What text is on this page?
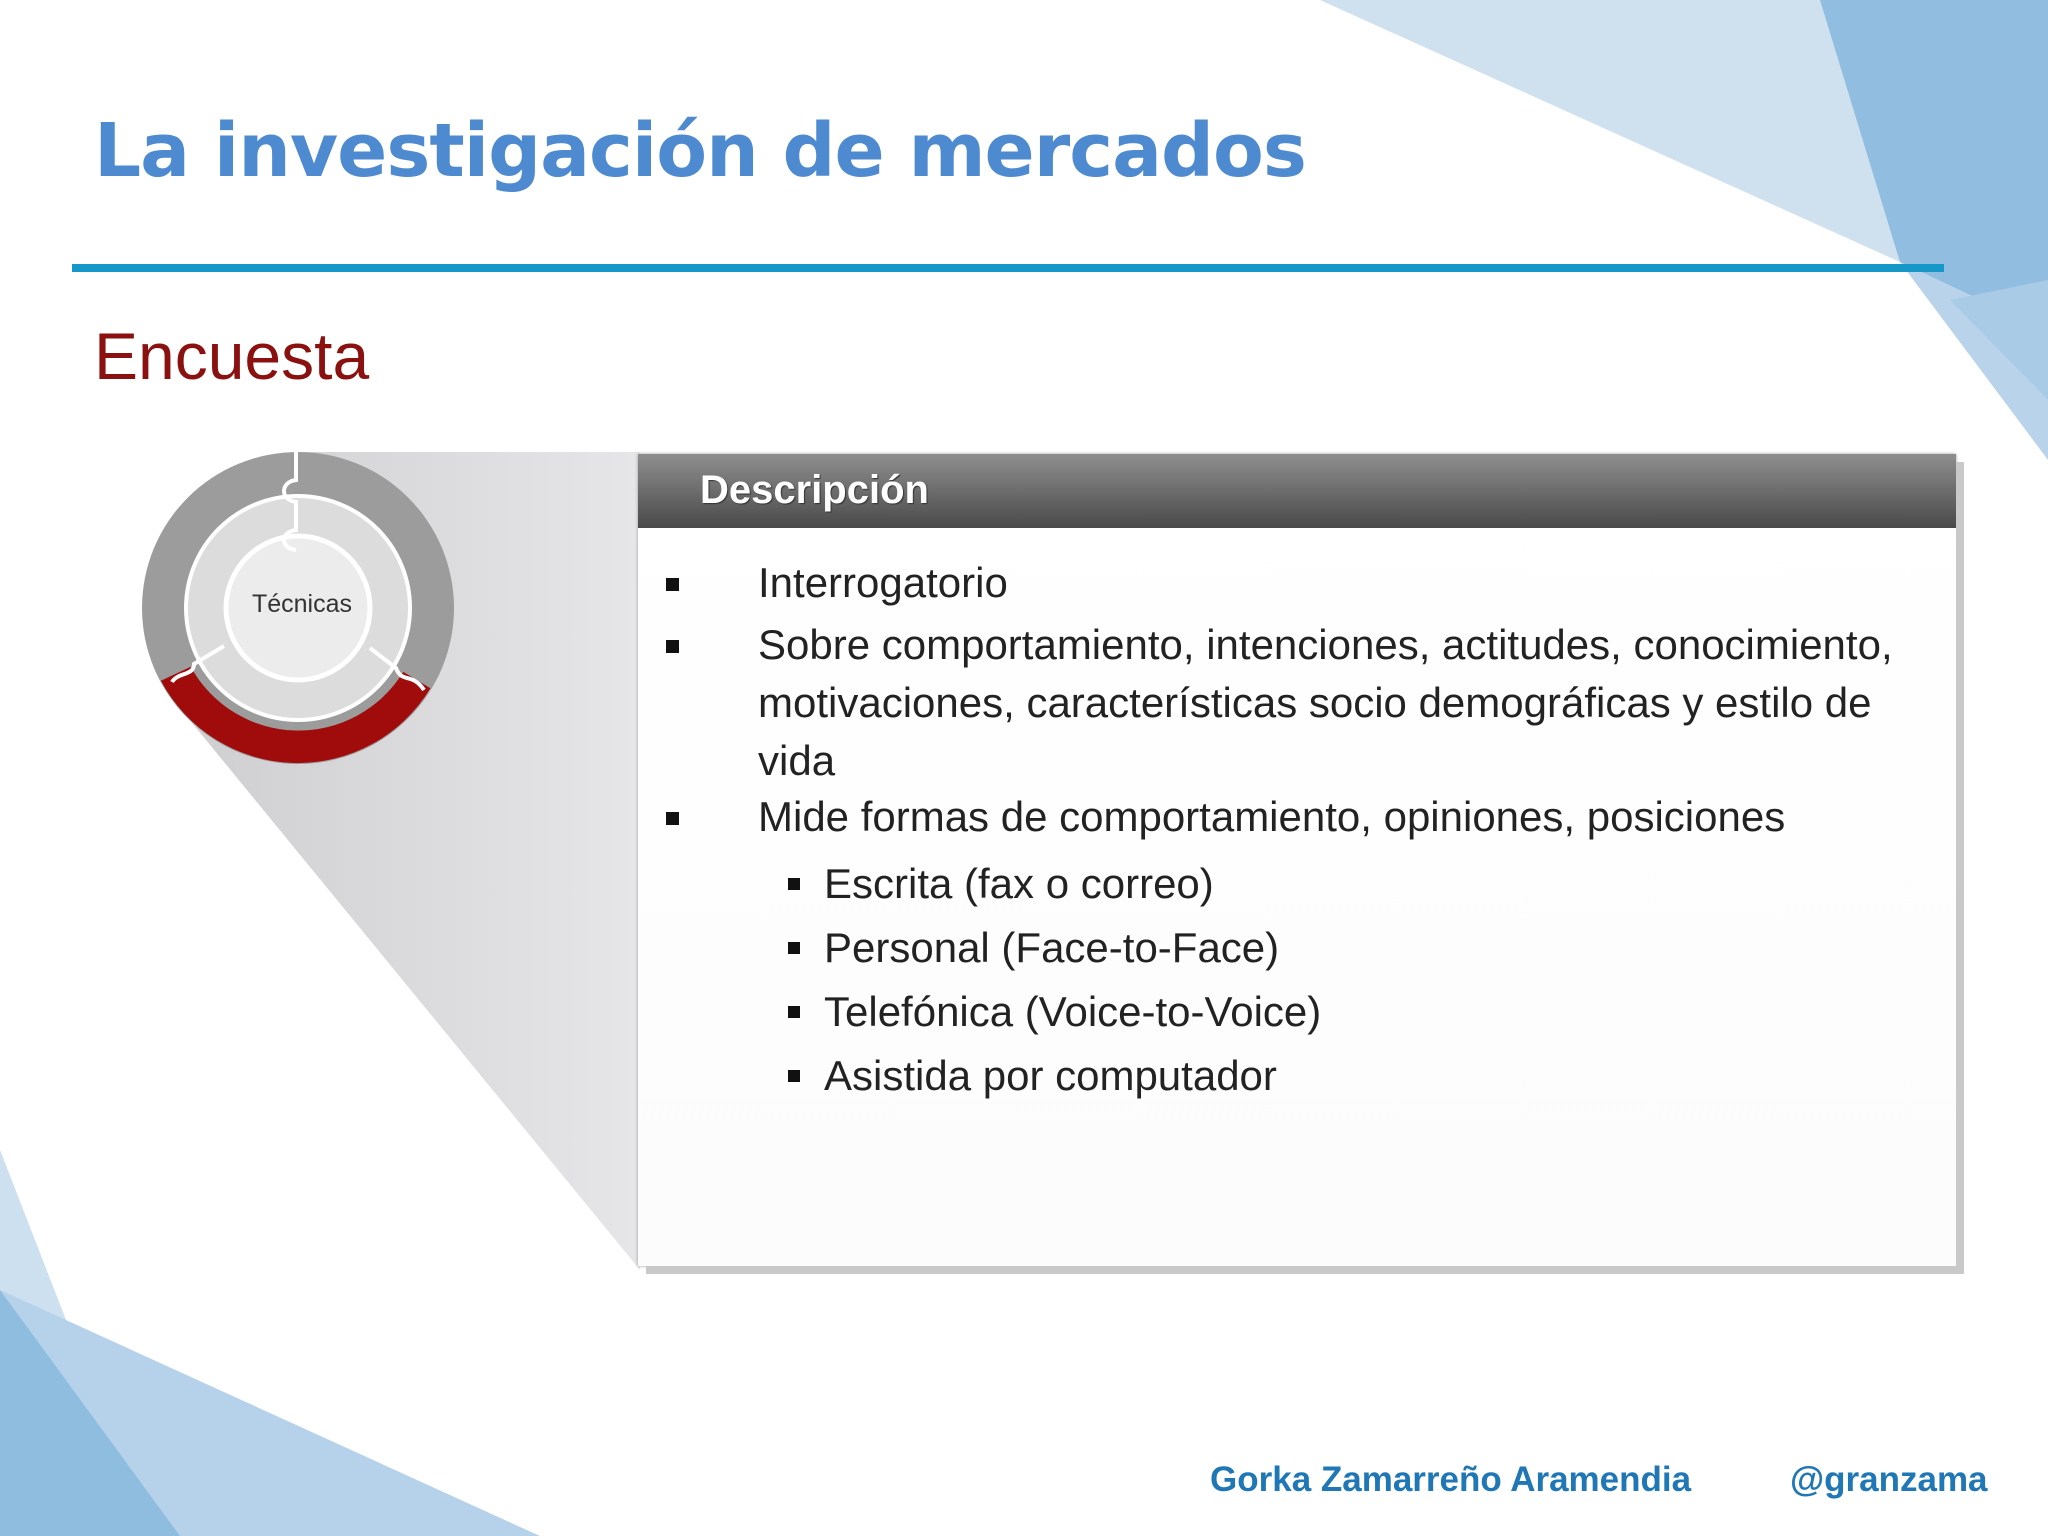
La investigación de mercados
Encuesta
Técnicas
Descripción
Interrogatorio
Sobre comportamiento, intenciones, actitudes, conocimiento, motivaciones, características socio demográficas y estilo de vida
Mide formas de comportamiento, opiniones, posiciones
Escrita (fax o correo)
Personal (Face-to-Face)
Telefónica (Voice-to-Voice)
Asistida por computador
Gorka Zamarreño Aramendia	@granzama
